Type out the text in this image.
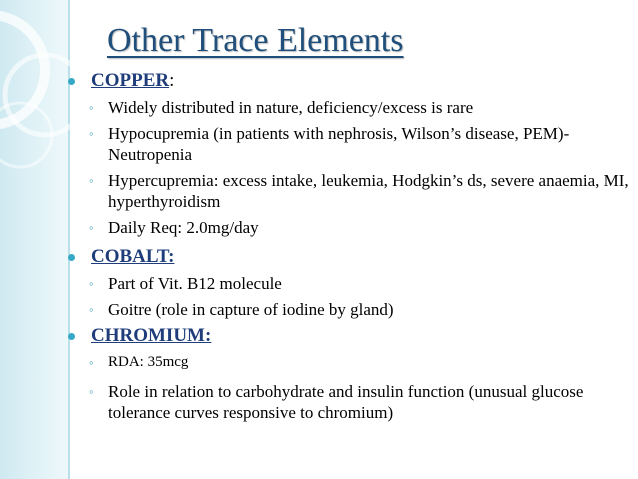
Other Trace Elements
COPPER:
◦ Widely distributed in nature, deficiency/excess is rare
◦ Hypocupremia (in patients with nephrosis, Wilson’s disease, PEM)- Neutropenia
◦ Hypercupremia: excess intake, leukemia, Hodgkin’s ds, severe anaemia, MI, hyperthyroidism
◦ Daily Req: 2.0mg/day
COBALT:
◦ Part of Vit. B12 molecule
◦ Goitre (role in capture of iodine by gland)
CHROMIUM:
◦ RDA: 35mcg
◦ Role in relation to carbohydrate and insulin function (unusual glucose tolerance curves responsive to chromium)
